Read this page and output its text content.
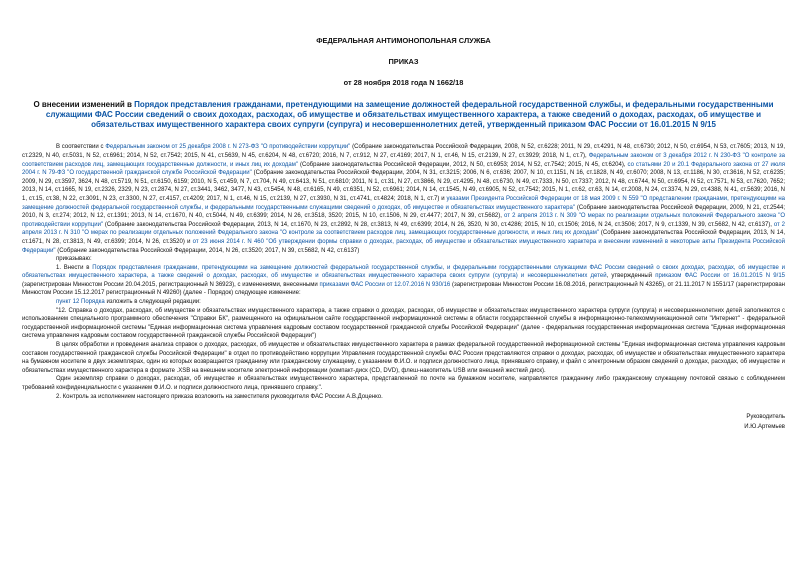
ФЕДЕРАЛЬНАЯ АНТИМОНОПОЛЬНАЯ СЛУЖБА

ПРИКАЗ

от 28 ноября 2018 года N 1662/18

О внесении изменений в Порядок представления гражданами, претендующими на замещение должностей федеральной государственной службы, и федеральными государственными служащими ФАС России сведений о своих доходах, расходах, об имуществе и обязательствах имущественного характера, а также сведений о доходах, расходах, об имуществе и обязательствах имущественного характера своих супруги (супруга) и несовершеннолетних детей, утвержденный приказом ФАС России от 16.01.2015 N 9/15

В соответствии с Федеральным законом от 25 декабря 2008 г. N 273-ФЗ "О противодействии коррупции" (Собрание законодательства Российской Федерации, 2008, N 52, ст.6228; 2011, N 29, ст.4291, N 48, ст.6730; 2012, N 50, ст.6954, N 53, ст.7605; 2013, N 19, ст.2329, N 40, ст.5031, N 52, ст.6961; 2014, N 52, ст.7542; 2015, N 41, ст.5639, N 45, ст.6204, N 48, ст.6720; 2016, N 7, ст.912, N 27, ст.4169; 2017, N 1, ст.46, N 15, ст.2139, N 27, ст.3929; 2018, N 1, ст.7), Федеральным законом от 3 декабря 2012 г. N 230-ФЗ "О контроле за соответствием расходов лиц, замещающих государственные должности, и иных лиц их доходам" (Собрание законодательства Российской Федерации, 2012, N 50, ст.6953; 2014, N 52, ст.7542; 2015, N 45, ст.6204), со статьями 20 и 20.1 Федерального закона от 27 июля 2004 г. N 79-ФЗ "О государственной гражданской службе Российской Федерации" (Собрание законодательства Российской Федерации, 2004, N 31, ст.3215; 2006, N 6, ст.636; 2007, N 10, ст.1151, N 16, ст.1828, N 49, ст.6070; 2008, N 13, ст.1186, N 30, ст.3616, N 52, ст.6235; 2009, N 29, ст.3597, 3624, N 48, ст.5719, N 51, ст.6150, 6159; 2010, N 5, ст.459, N 7, ст.704, N 49, ст.6413, N 51, ст.6810; 2011, N 1, ст.31, N 27, ст.3866, N 29, ст.4295, N 48, ст.6730, N 49, ст.7333, N 50, ст.7337; 2012, N 48, ст.6744, N 50, ст.6954, N 52, ст.7571, N 53, ст.7620, 7652; 2013, N 14, ст.1665, N 19, ст.2326, 2329, N 23, ст.2874, N 27, ст.3441, 3462, 3477, N 43, ст.5454, N 48, ст.6165, N 49, ст.6351, N 52, ст.6961; 2014, N 14, ст.1545, N 49, ст.6905, N 52, ст.7542; 2015, N 1, ст.62, ст.63, N 14, ст.2008, N 24, ст.3374, N 29, ст.4388, N 41, ст.5639; 2016, N 1, ст.15, ст.38, N 22, ст.3091, N 23, ст.3300, N 27, ст.4157, ст.4209; 2017, N 1, ст.46, N 15, ст.2139, N 27, ст.3930, N 31, ст.4741, ст.4824; 2018, N 1, ст.7) и указами Президента Российской Федерации от 18 мая 2009 г. N 559 "О представлении гражданами, претендующими на замещение должностей федеральной государственной службы, и федеральными государственными служащими сведений о доходах, об имуществе и обязательствах имущественного характера" (Собрание законодательства Российской Федерации, 2009, N 21, ст.2544; 2010, N 3, ст.274; 2012, N 12, ст.1391; 2013, N 14, ст.1670, N 40, ст.5044, N 49, ст.6399; 2014, N 26, ст.3518, 3520; 2015, N 10, ст.1506, N 29, ст.4477; 2017, N 39, ст.5682), от 2 апреля 2013 г. N 309 "О мерах по реализации отдельных положений Федерального закона "О противодействии коррупции" (Собрание законодательства Российской Федерации, 2013, N 14, ст.1670, N 23, ст.2892, N 28, ст.3813, N 49, ст.6399; 2014, N 26, 3520, N 30, ст.4286; 2015, N 10, ст.1506; 2016, N 24, ст.3506; 2017, N 9, ст.1339, N 39, ст.5682, N 42, ст.6137), от 2 апреля 2013 г. N 310 "О мерах по реализации отдельных положений Федерального закона "О контроле за соответствием расходов лиц, замещающих государственные должности, и иных лиц их доходам" (Собрание законодательства Российской Федерации, 2013, N 14, ст.1671, N 28, ст.3813, N 49, ст.6399; 2014, N 26, ст.3520) и от 23 июня 2014 г. N 460 "Об утверждении формы справки о доходах, расходах, об имуществе и обязательствах имущественного характера и внесении изменений в некоторые акты Президента Российской Федерации" (Собрание законодательства Российской Федерации, 2014, N 26, ст.3520; 2017, N 39, ст.5682, N 42, ст.6137)

приказываю:

1. Внести в Порядок представления гражданами, претендующими на замещение должностей федеральной государственной службы, и федеральными государственными служащими ФАС России сведений о своих доходах, расходах, об имуществе и обязательствах имущественного характера, а также сведений о доходах, расходах, об имуществе и обязательствах имущественного характера своих супруги (супруга) и несовершеннолетних детей, утвержденный приказом ФАС России от 16.01.2015 N 9/15 (зарегистрирован Минюстом России 20.04.2015, регистрационный N 36923), с изменениями, внесенными приказами ФАС России от 12.07.2016 N 930/16 (зарегистрирован Минюстом России 16.08.2016, регистрационный N 43265), от 21.11.2017 N 1551/17 (зарегистрирован Минюстом России 15.12.2017 регистрационный N 49260) (далее - Порядок) следующее изменение:

пункт 12 Порядка изложить в следующей редакции:

"12. Справка о доходах, расходах, об имуществе и обязательствах имущественного характера, а также справки о доходах, расходах, об имуществе и обязательствах имущественного характера супруги (супруга) и несовершеннолетних детей заполняются с использованием специального программного обеспечения "Справки БК", размещенного на официальном сайте государственной информационной системы в области государственной службы в информационно-телекоммуникационной сети "Интернет" - федеральной государственной информационной системы "Единая информационная система управления кадровым составом государственной гражданской службы Российской Федерации" (далее - федеральная государственная информационная система "Единая информационная система управления кадровым составом государственной гражданской службы Российской Федерации")

В целях обработки и проведения анализа справок о доходах, расходах, об имуществе и обязательствах имущественного характера в рамках федеральной государственной информационной системы "Единая информационная система управления кадровым составом государственной гражданской службы Российской Федерации" в отдел по противодействию коррупции Управления государственной службы ФАС России представляются справки о доходах, расходах, об имуществе и обязательствах имущественного характера на бумажном носителе в двух экземплярах, один из которых возвращается гражданину или гражданскому служащему, с указанием Ф.И.О. и подписи должностного лица, принявшего справку, и файл с электронным образом сведений о доходах, расходах, об имуществе и обязательствах имущественного характера в формате .XSB на внешнем носителе электронной информации (компакт-диск (CD, DVD), флеш-накопитель USB или внешний жесткий диск).

Один экземпляр справки о доходах, расходах, об имуществе и обязательствах имущественного характера, представленной по почте на бумажном носителе, направляется гражданину либо гражданскому служащему почтовой связью с соблюдением требований конфиденциальности с указанием Ф.И.О. и подписи должностного лица, принявшего справку.".

2. Контроль за исполнением настоящего приказа возложить на заместителя руководителя ФАС России А.В.Доценко.

Руководитель
И.Ю.Артемьев
